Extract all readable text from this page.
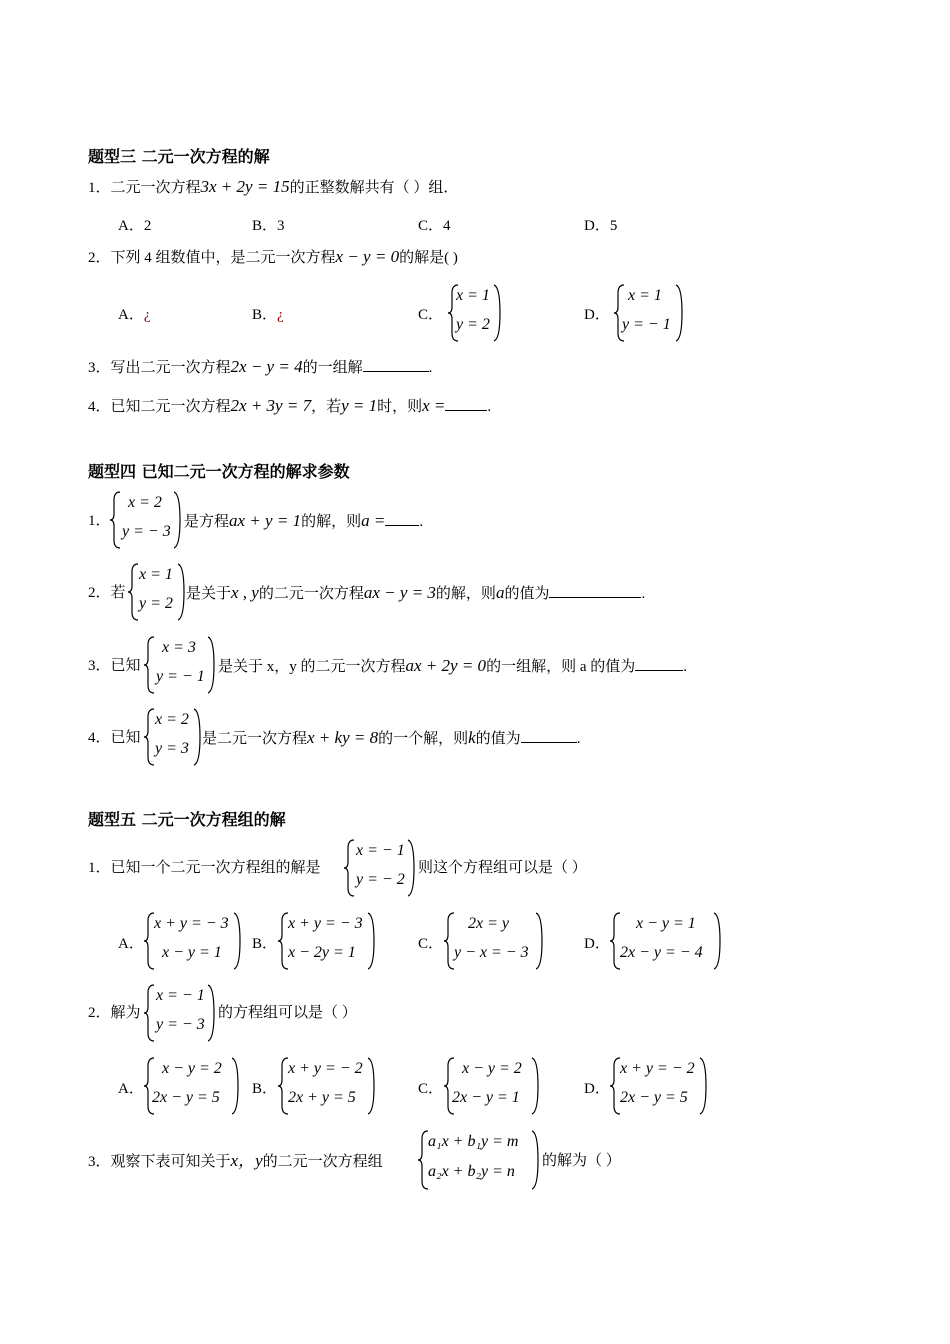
题型三 二元一次方程的解
1．二元一次方程3x + 2y = 15的正整数解共有（ ）组．
A．2	B．3	C．4	D．5
2．下列 4 组数值中，是二元一次方程x − y = 0的解是( )
A．¿	B．¿	C．
x = 1
y = 2
D．
x = 1
y = − 1
3．写出二元一次方程2x − y = 4的一组解	.
4．已知二元一次方程2x + 3y = 7，若y = 1时，则x =	.
题型四 已知二元一次方程的解求参数
1．
x = 2
y = − 3
是方程ax + y = 1的解，则a = .
2．若
x = 1
y = 2
是关于x , y的二元一次方程ax − y = 3的解，则a的值为	.
3．已知
x = 3
y = − 1
是关于 x，y 的二元一次方程ax + 2y = 0的一组解，则 a 的值为	.
4．已知
x = 2
y = 3
是二元一次方程x + ky = 8的一个解，则k的值为	.
题型五 二元一次方程组的解
1．已知一个二元一次方程组的解是
x = − 1
y = − 2
则这个方程组可以是（ ）
A．
x + y = − 3
x − y = 1 B．
x + y = − 3
x − 2y = 1	C．
2x = y
y − x = − 3	D．
x − y = 1
2x − y = − 4
2．解为
x = − 1
y = − 3
的方程组可以是（ ）
A．
x − y = 2
2x − y = 5 B．
x + y = − 2
2x + y = 5	C．
x − y = 2
2x − y = 1	D．
x + y = − 2
2x − y = 5
3．观察下表可知关于x，y的二元一次方程组
a₁x + b₁y = m
a₂x + b₂y = n
的解为（ ）
